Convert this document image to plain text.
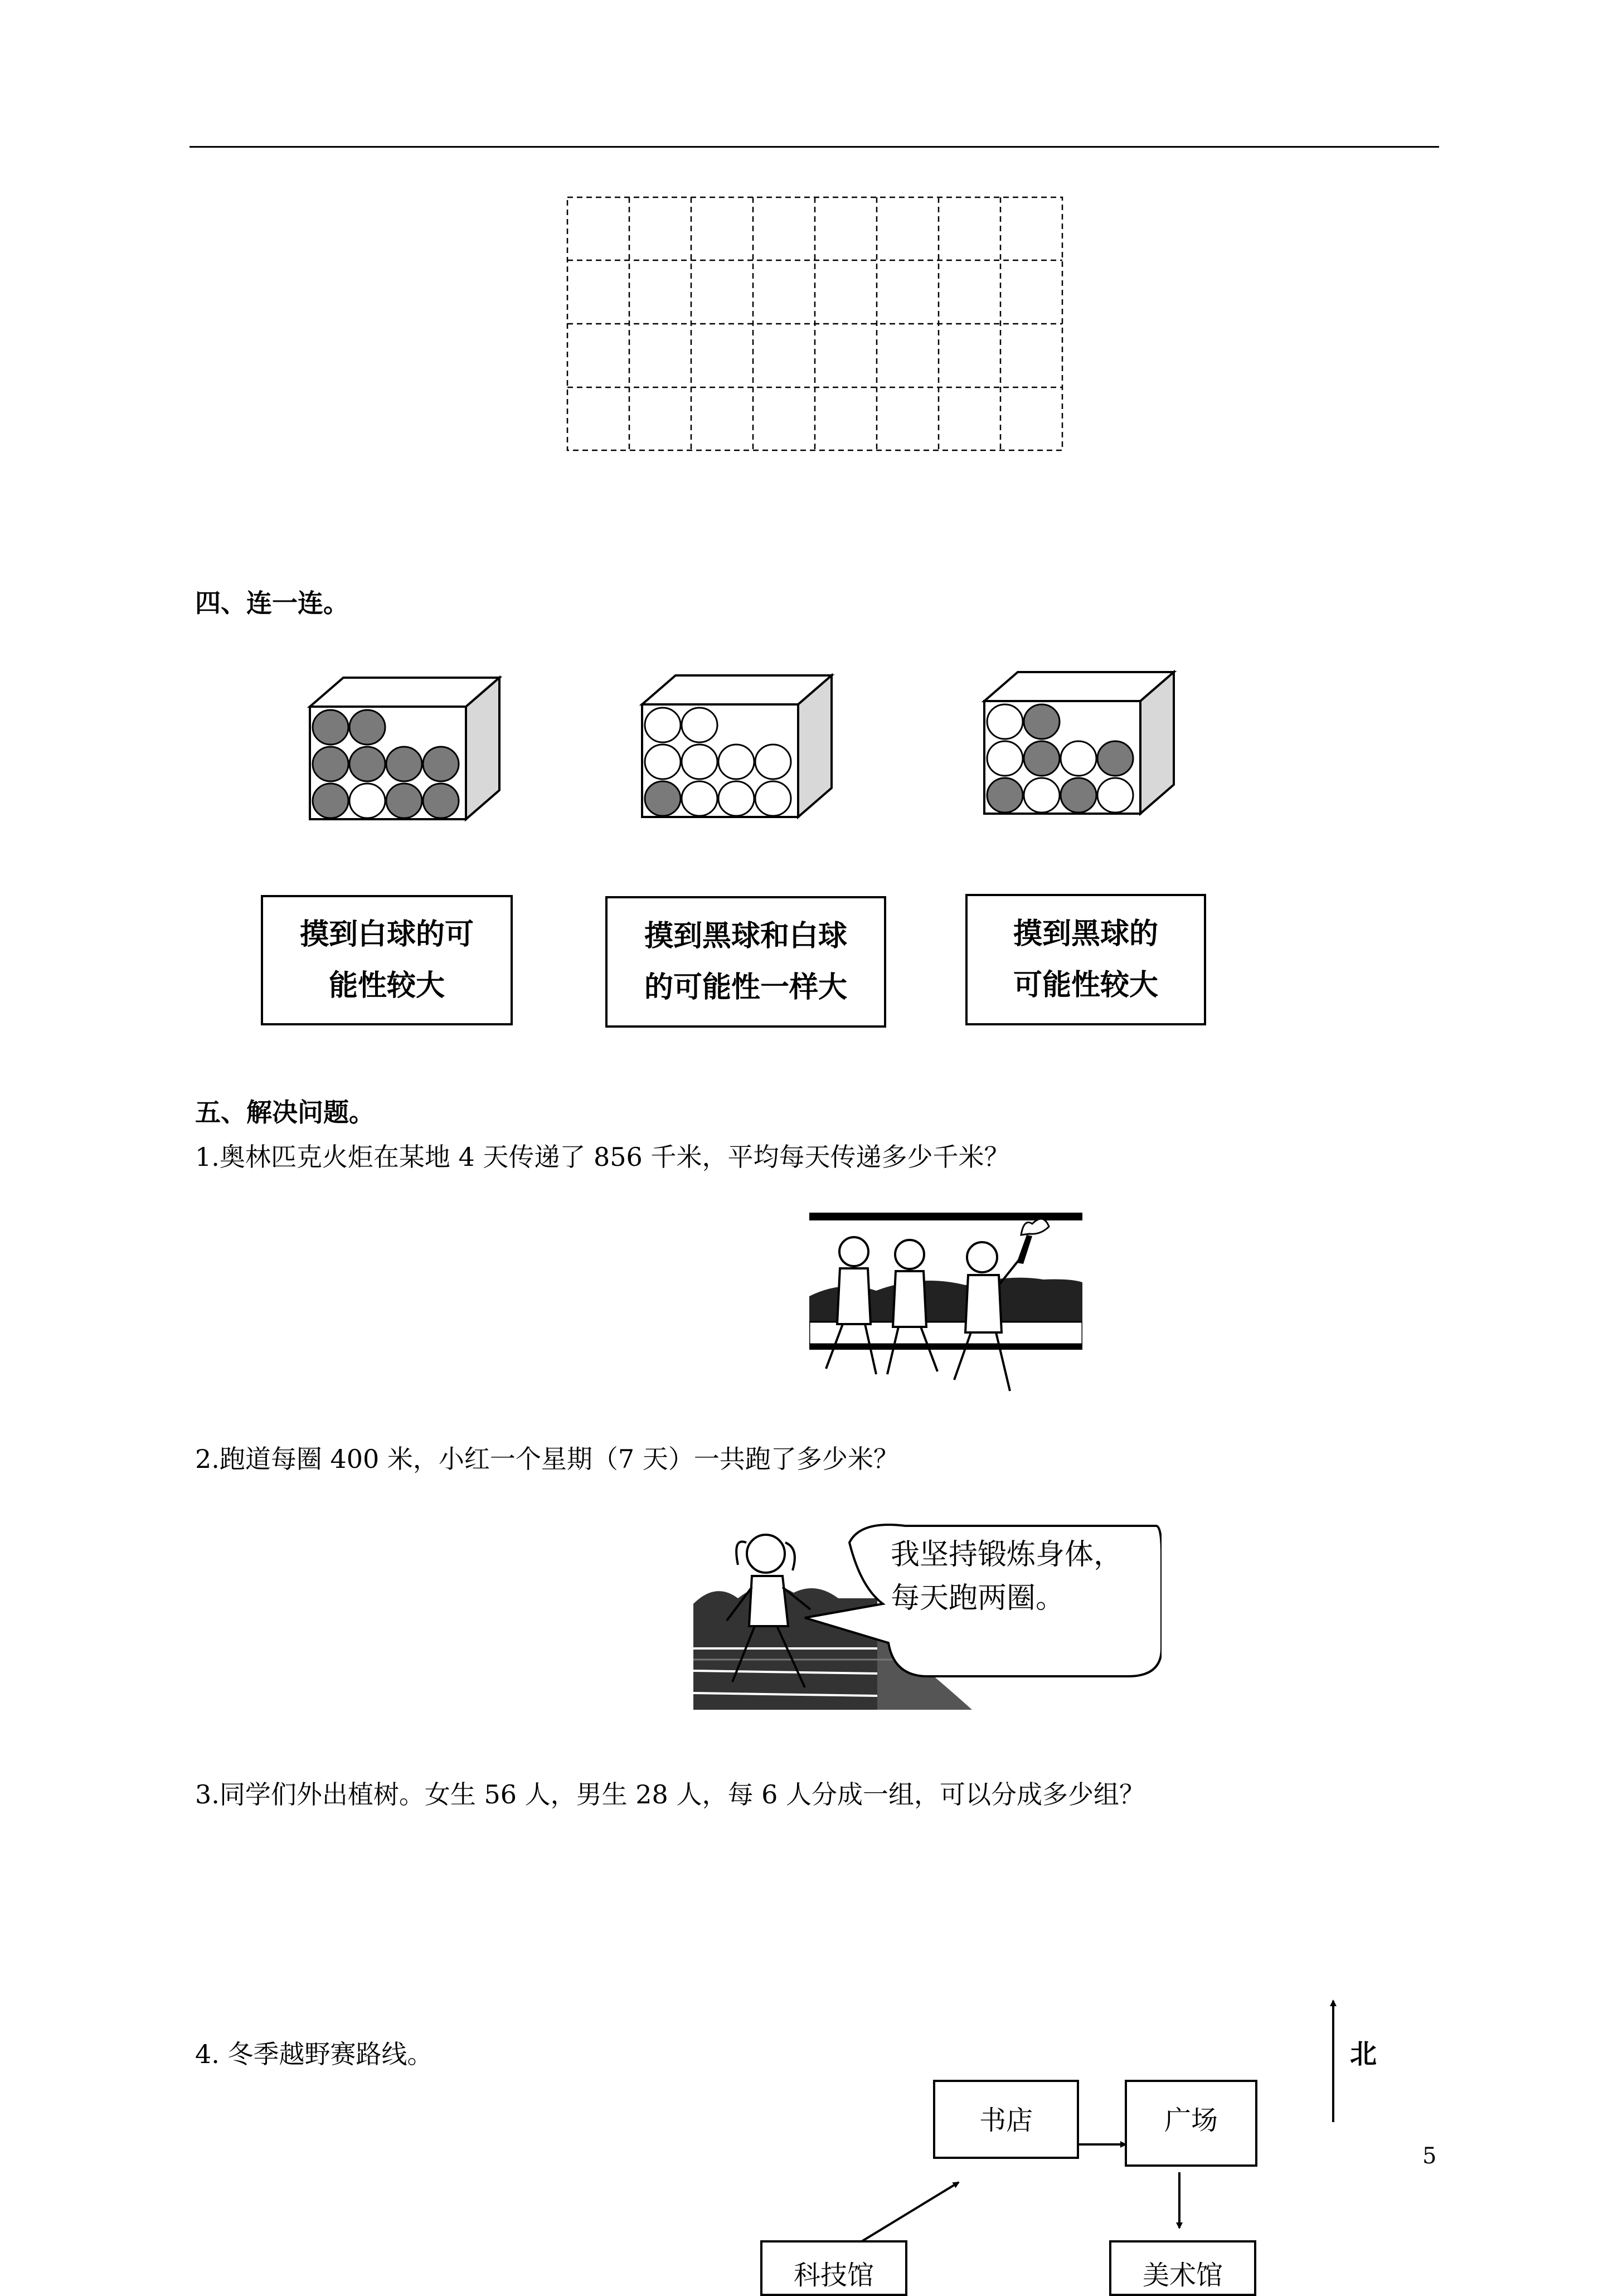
四、连一连。
摸到白球的可
能性较大
摸到黑球和白球
的可能性一样大
摸到黑球的
可能性较大
五、解决问题。
1.奥林匹克火炬在某地 4 天传递了 856 千米，平均每天传递多少千米？
2.跑道每圈 400 米，小红一个星期（7 天）一共跑了多少米？
我坚持锻炼身体，
每天跑两圈。
3.同学们外出植树。女生 56 人，男生 28 人，每 6 人分成一组，可以分成多少组？
4. 冬季越野赛路线。	北
书店	广场
科技馆	美术馆
5
